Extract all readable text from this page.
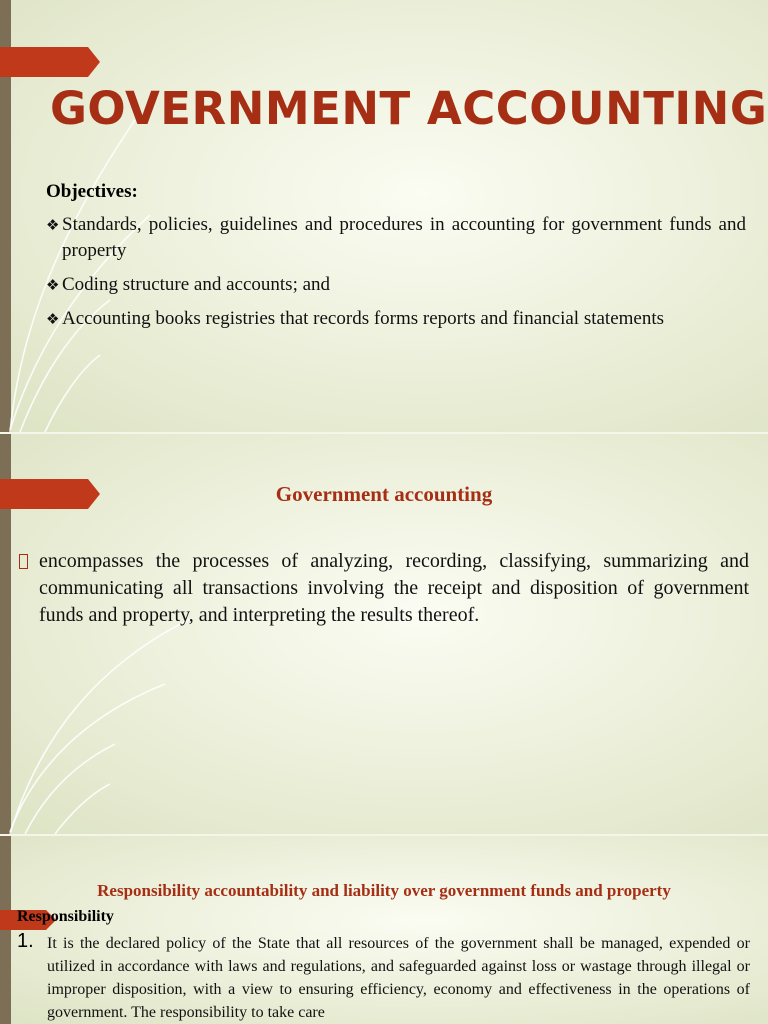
GOVERNMENT ACCOUNTING
Objectives:
❖ Standards, policies, guidelines and procedures in accounting for government funds and property
❖ Coding structure and accounts; and
❖ Accounting books registries that records forms reports and financial statements
Government accounting

encompasses the processes of analyzing, recording, classifying, summarizing and communicating all transactions involving the receipt and disposition of government funds and property, and interpreting the results thereof.

Responsibility accountability and liability over government funds and property
Responsibility
1. It is the declared policy of the State that all resources of the government shall be managed, expended or utilized in accordance with laws and regulations, and safeguarded against loss or wastage through illegal or improper disposition, with a view to ensuring efficiency, economy and effectiveness in the operations of government. The responsibility to take care
